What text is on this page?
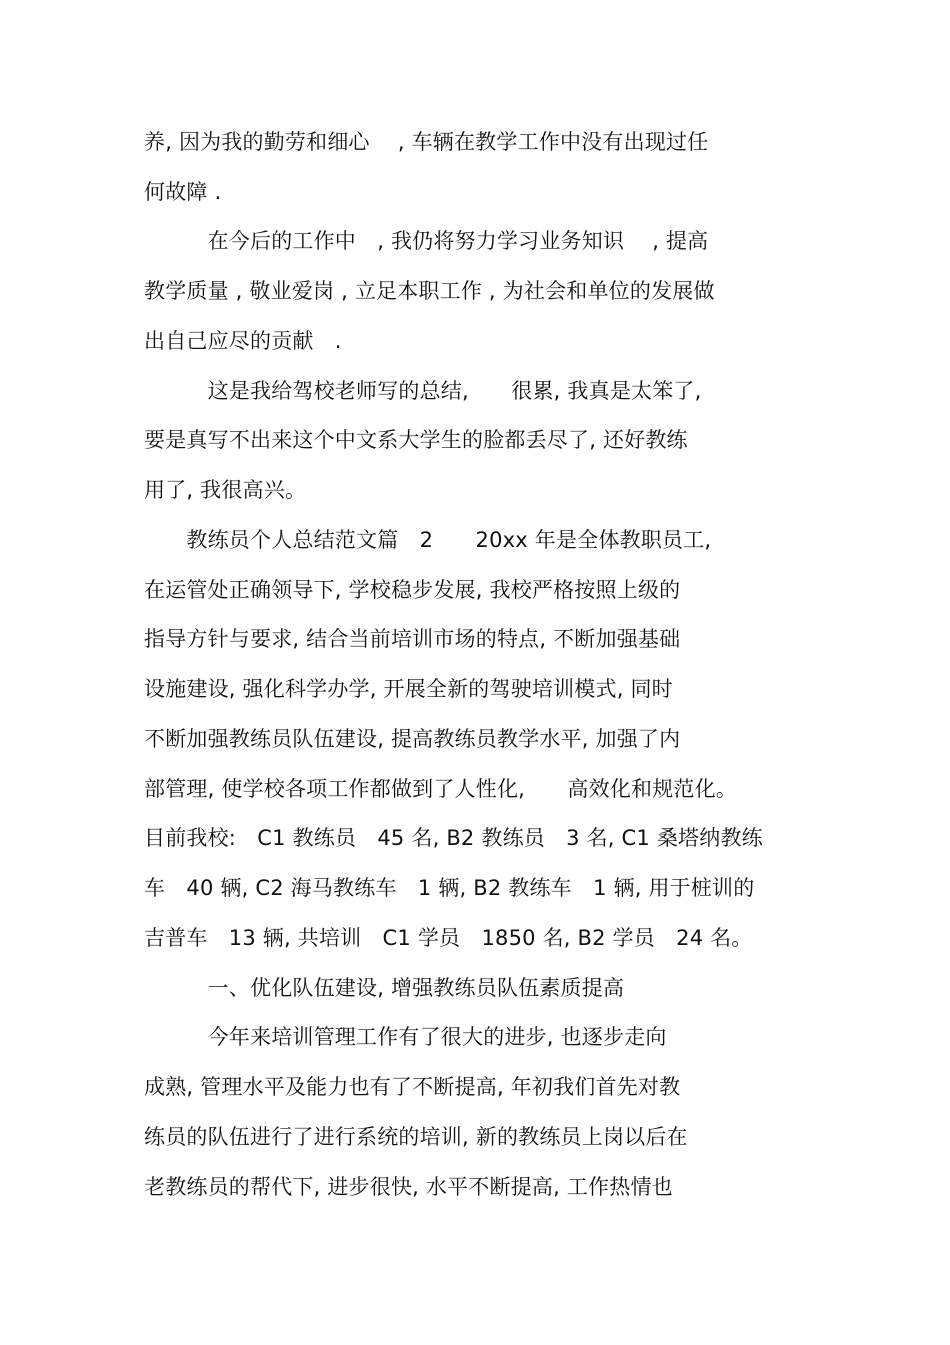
养, 因为我的勤劳和细心　 , 车辆在教学工作中没有出现过任
何故障 .
　　　在今后的工作中　, 我仍将努力学习业务知识　 , 提高
教学质量 , 敬业爱岗 , 立足本职工作 , 为社会和单位的发展做
出自己应尽的贡献　.
　　　这是我给驾校老师写的总结,　　很累, 我真是太笨了,
要是真写不出来这个中文系大学生的脸都丢尽了, 还好教练
用了, 我很高兴。
　　教练员个人总结范文篇　2　　20xx 年是全体教职员工,
在运管处正确领导下, 学校稳步发展, 我校严格按照上级的
指导方针与要求, 结合当前培训市场的特点, 不断加强基础
设施建设, 强化科学办学, 开展全新的驾驶培训模式, 同时
不断加强教练员队伍建设, 提高教练员教学水平, 加强了内
部管理, 使学校各项工作都做到了人性化,　　高效化和规范化。
目前我校:　C1 教练员　45 名, B2 教练员　3 名, C1 桑塔纳教练
车　40 辆, C2 海马教练车　1 辆, B2 教练车　1 辆, 用于桩训的
吉普车　13 辆, 共培训　C1 学员　1850 名, B2 学员　24 名。
　　　一、优化队伍建设, 增强教练员队伍素质提高
　　　今年来培训管理工作有了很大的进步, 也逐步走向
成熟, 管理水平及能力也有了不断提高, 年初我们首先对教
练员的队伍进行了进行系统的培训, 新的教练员上岗以后在
老教练员的帮代下, 进步很快, 水平不断提高, 工作热情也
